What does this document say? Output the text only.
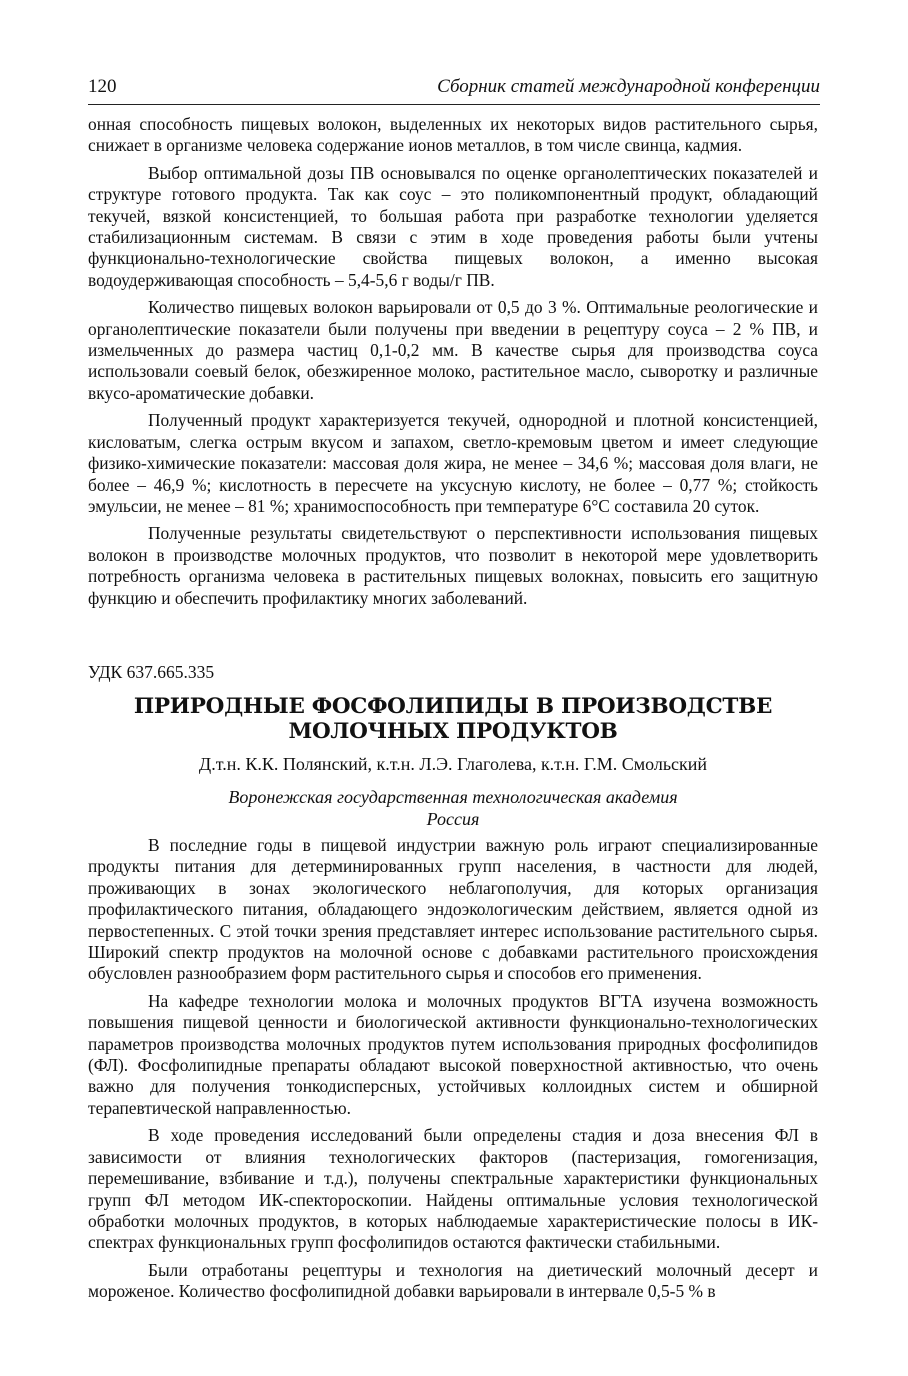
120	Сборник статей международной конференции

онная способность пищевых волокон, выделенных их некоторых видов растительного сырья, снижает в организме человека содержание ионов металлов, в том числе свинца, кадмия.

Выбор оптимальной дозы ПВ основывался по оценке органолептических показателей и структуре готового продукта. Так как соус – это поликомпонентный продукт, обладающий текучей, вязкой консистенцией, то большая работа при разработке технологии уделяется стабилизационным системам. В связи с этим в ходе проведения работы были учтены функционально-технологические свойства пищевых волокон, а именно высокая водоудерживающая способность – 5,4-5,6 г воды/г ПВ.

Количество пищевых волокон варьировали от 0,5 до 3 %. Оптимальные реологические и органолептические показатели были получены при введении в рецептуру соуса – 2 % ПВ, и измельченных до размера частиц 0,1-0,2 мм. В качестве сырья для производства соуса использовали соевый белок, обезжиренное молоко, растительное масло, сыворотку и различные вкусо-ароматические добавки.

Полученный продукт характеризуется текучей, однородной и плотной консистенцией, кисловатым, слегка острым вкусом и запахом, светло-кремовым цветом и имеет следующие физико-химические показатели: массовая доля жира, не менее – 34,6 %; массовая доля влаги, не более – 46,9 %; кислотность в пересчете на уксусную кислоту, не более – 0,77 %; стойкость эмульсии, не менее – 81 %; хранимоспособность при температуре 6°С составила 20 суток.

Полученные результаты свидетельствуют о перспективности использования пищевых волокон в производстве молочных продуктов, что позволит в некоторой мере удовлетворить потребность организма человека в растительных пищевых волокнах, повысить его защитную функцию и обеспечить профилактику многих заболеваний.

УДК 637.665.335
ПРИРОДНЫЕ ФОСФОЛИПИДЫ В ПРОИЗВОДСТВЕ
МОЛОЧНЫХ ПРОДУКТОВ
Д.т.н. К.К. Полянский, к.т.н. Л.Э. Глаголева, к.т.н. Г.М. Смольский
Воронежская государственная технологическая академия
Россия

В последние годы в пищевой индустрии важную роль играют специализированные продукты питания для детерминированных групп населения, в частности для людей, проживающих в зонах экологического неблагополучия, для которых организация профилактического питания, обладающего эндоэкологическим действием, является одной из первостепенных. С этой точки зрения представляет интерес использование растительного сырья. Широкий спектр продуктов на молочной основе с добавками растительного происхождения обусловлен разнообразием форм растительного сырья и способов его применения.

На кафедре технологии молока и молочных продуктов ВГТА изучена возможность повышения пищевой ценности и биологической активности функционально-технологических параметров производства молочных продуктов путем использования природных фосфолипидов (ФЛ). Фосфолипидные препараты обладают высокой поверхностной активностью, что очень важно для получения тонкодисперсных, устойчивых коллоидных систем и обширной терапевтической направленностью.

В ходе проведения исследований были определены стадия и доза внесения ФЛ в зависимости от влияния технологических факторов (пастеризация, гомогенизация, перемешивание, взбивание и т.д.), получены спектральные характеристики функциональных групп ФЛ методом ИК-спектороскопии. Найдены оптимальные условия технологической обработки молочных продуктов, в которых наблюдаемые характеристические полосы в ИК-спектрах функциональных групп фосфолипидов остаются фактически стабильными.

Были отработаны рецептуры и технология на диетический молочный десерт и мороженое. Количество фосфолипидной добавки варьировали в интервале 0,5-5 % в
